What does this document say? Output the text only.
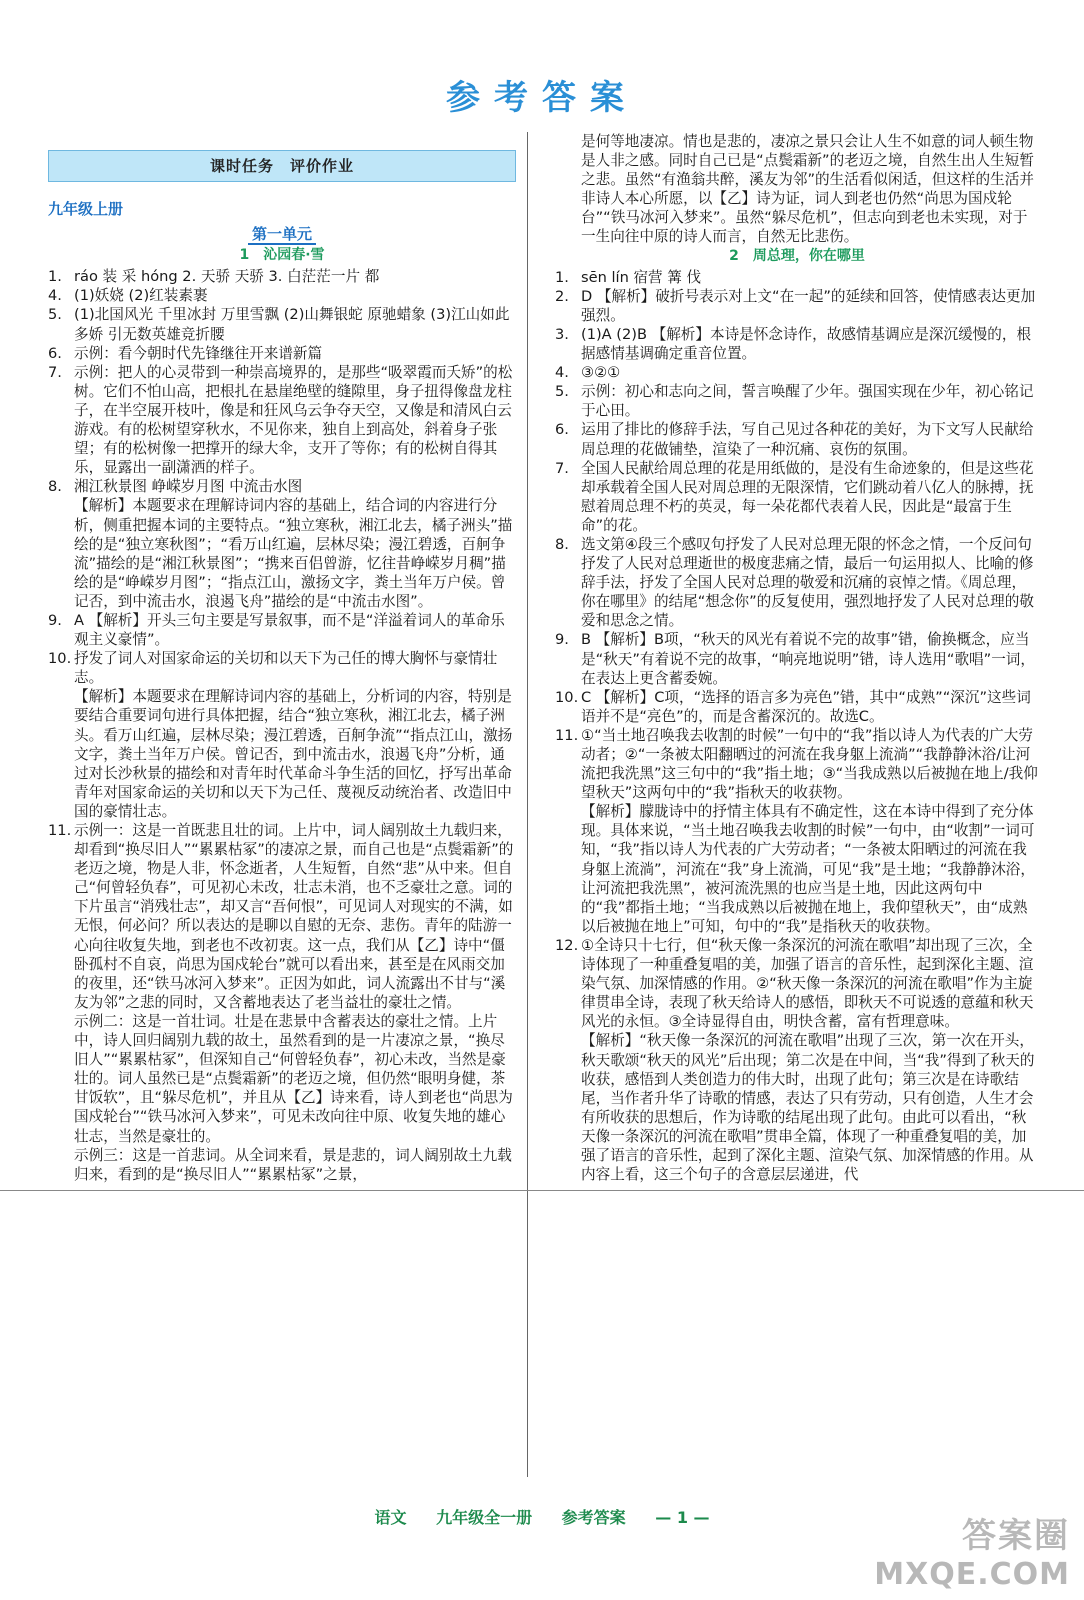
参考答案
课时任务　评价作业
九年级上册
第一单元
1　沁园春·雪
1. ráo 装 采 hóng 2. 天骄 天骄 3. 白茫茫一片 都
4. (1)妖娆 (2)红装素裹
5. (1)北国风光 千里冰封 万里雪飘 (2)山舞银蛇 原驰蜡象 (3)江山如此多娇 引无数英雄竞折腰
6. 示例：看今朝时代先锋继往开来谱新篇
7. 示例：把人的心灵带到一种崇高境界的，是那些“吸翠霞而夭矫”的松树。它们不怕山高，把根扎在悬崖绝壁的缝隙里，身子扭得像盘龙柱子，在半空展开枝叶，像是和狂风乌云争夺天空，又像是和清风白云游戏。有的松树望穿秋水，不见你来，独自上到高处，斜着身子张望；有的松树像一把撑开的绿大伞，支开了等你；有的松树自得其乐，显露出一副潇洒的样子。
8. 湘江秋景图 峥嵘岁月图 中流击水图
【解析】本题要求在理解诗词内容的基础上，结合词的内容进行分析，侧重把握本词的主要特点。“独立寒秋，湘江北去，橘子洲头”描绘的是“独立寒秋图”；“看万山红遍，层林尽染；漫江碧透，百舸争流”描绘的是“湘江秋景图”；“携来百侣曾游，忆往昔峥嵘岁月稠”描绘的是“峥嵘岁月图”；“指点江山，激扬文字，粪土当年万户侯。曾记否，到中流击水，浪遏飞舟”描绘的是“中流击水图”。
9. A 【解析】开头三句主要是写景叙事，而不是“洋溢着词人的革命乐观主义豪情”。
10. 抒发了词人对国家命运的关切和以天下为己任的博大胸怀与豪情壮志。
【解析】本题要求在理解诗词内容的基础上，分析词的内容，特别是要结合重要词句进行具体把握，结合“独立寒秋，湘江北去，橘子洲头。看万山红遍，层林尽染；漫江碧透，百舸争流”“指点江山，激扬文字，粪土当年万户侯。曾记否，到中流击水，浪遏飞舟”分析，通过对长沙秋景的描绘和对青年时代革命斗争生活的回忆，抒写出革命青年对国家命运的关切和以天下为己任、蔑视反动统治者、改造旧中国的豪情壮志。
11. 示例一：这是一首既悲且壮的词。上片中，词人阔别故土九载归来，却看到“换尽旧人”“累累枯冢”的凄凉之景，而自己也是“点鬓霜新”的老迈之境，物是人非，怀念逝者，人生短暂，自然“悲”从中来。但自己“何曾轻负春”，可见初心未改，壮志未消，也不乏豪壮之意。词的下片虽言“消残壮志”，却又言“吾何恨”，可见词人对现实的不满，如无恨，何必问？所以表达的是聊以自慰的无奈、悲伤。青年的陆游一心向往收复失地，到老也不改初衷。这一点，我们从【乙】诗中“僵卧孤村不自哀，尚思为国戍轮台”就可以看出来，甚至是在风雨交加的夜里，还“铁马冰河入梦来”。正因为如此，词人流露出不甘与“溪友为邻”之悲的同时，又含蓄地表达了老当益壮的豪壮之情。
示例二：这是一首壮词。壮是在悲景中含蓄表达的豪壮之情。上片中，诗人回归阔别九载的故土，虽然看到的是一片凄凉之景，“换尽旧人”“累累枯冢”，但深知自己“何曾轻负春”，初心未改，当然是豪壮的。词人虽然已是“点鬓霜新”的老迈之境，但仍然“眼明身健，茶甘饭软”，且“躲尽危机”，并且从【乙】诗来看，诗人到老也“尚思为国戍轮台”“铁马冰河入梦来”，可见未改向往中原、收复失地的雄心壮志，当然是豪壮的。
示例三：这是一首悲词。从全词来看，景是悲的，词人阔别故土九载归来，看到的是“换尽旧人”“累累枯冢”之景，
是何等地凄凉。情也是悲的，凄凉之景只会让人生不如意的词人顿生物是人非之感。同时自己已是“点鬓霜新”的老迈之境，自然生出人生短暂之悲。虽然“有渔翁共醉，溪友为邻”的生活看似闲适，但这样的生活并非诗人本心所愿，以【乙】诗为证，词人到老也仍然“尚思为国戍轮台”“铁马冰河入梦来”。虽然“躲尽危机”，但志向到老也未实现，对于一生向往中原的诗人而言，自然无比悲伤。
2　周总理，你在哪里
1. sēn lín 宿营 篝 伐
2. D 【解析】破折号表示对上文“在一起”的延续和回答，使情感表达更加强烈。
3. (1)A (2)B 【解析】本诗是怀念诗作，故感情基调应是深沉缓慢的，根据感情基调确定重音位置。
4. ③②①
5. 示例：初心和志向之间，誓言唤醒了少年。强国实现在少年，初心铭记于心田。
6. 运用了排比的修辞手法，写自己见过各种花的美好，为下文写人民献给周总理的花做铺垫，渲染了一种沉痛、哀伤的氛围。
7. 全国人民献给周总理的花是用纸做的，是没有生命迹象的，但是这些花却承载着全国人民对周总理的无限深情，它们跳动着八亿人的脉搏，抚慰着周总理不朽的英灵，每一朵花都代表着人民，因此是“最富于生命”的花。
8. 选文第④段三个感叹句抒发了人民对总理无限的怀念之情，一个反问句抒发了人民对总理逝世的极度悲痛之情，最后一句运用拟人、比喻的修辞手法，抒发了全国人民对总理的敬爱和沉痛的哀悼之情。《周总理，你在哪里》的结尾“想念你”的反复使用，强烈地抒发了人民对总理的敬爱和思念之情。
9. B 【解析】B项，“秋天的风光有着说不完的故事”错，偷换概念，应当是“秋天”有着说不完的故事，“响亮地说明”错，诗人选用“歌唱”一词，在表达上更含蓄委婉。
10. C 【解析】C项，“选择的语言多为亮色”错，其中“成熟”“深沉”这些词语并不是“亮色”的，而是含蓄深沉的。故选C。
11. ①“当土地召唤我去收割的时候”一句中的“我”指以诗人为代表的广大劳动者；②“一条被太阳翻晒过的河流在我身躯上流淌”“我静静沐浴/让河流把我洗黑”这三句中的“我”指土地；③“当我成熟以后被抛在地上/我仰望秋天”这两句中的“我”指秋天的收获物。
【解析】朦胧诗中的抒情主体具有不确定性，这在本诗中得到了充分体现。具体来说，“当土地召唤我去收割的时候”一句中，由“收割”一词可知，“我”指以诗人为代表的广大劳动者；“一条被太阳晒过的河流在我身躯上流淌”，河流在“我”身上流淌，可见“我”是土地；“我静静沐浴，让河流把我洗黑”，被河流洗黑的也应当是土地，因此这两句中的“我”都指土地；“当我成熟以后被抛在地上，我仰望秋天”，由“成熟以后被抛在地上”可知，句中的“我”是指秋天的收获物。
12. ①全诗只十七行，但“秋天像一条深沉的河流在歌唱”却出现了三次，全诗体现了一种重叠复唱的美，加强了语言的音乐性，起到深化主题、渲染气氛、加深情感的作用。②“秋天像一条深沉的河流在歌唱”作为主旋律贯串全诗，表现了秋天给诗人的感悟，即秋天不可说透的意蕴和秋天风光的永恒。③全诗显得自由，明快含蓄，富有哲理意味。
【解析】“秋天像一条深沉的河流在歌唱”出现了三次，第一次在开头，秋天歌颂“秋天的风光”后出现；第二次是在中间，当“我”得到了秋天的收获，感悟到人类创造力的伟大时，出现了此句；第三次是在诗歌结尾，当作者升华了诗歌的情感，表达了只有劳动，只有创造，人生才会有所收获的思想后，作为诗歌的结尾出现了此句。由此可以看出，“秋天像一条深沉的河流在歌唱”贯串全篇，体现了一种重叠复唱的美，加强了语言的音乐性，起到了深化主题、渲染气氛、加深情感的作用。从内容上看，这三个句子的含意层层递进，代
语文 九年级全一册 参考答案 — 1 —	答案圈
MXQE.COM
